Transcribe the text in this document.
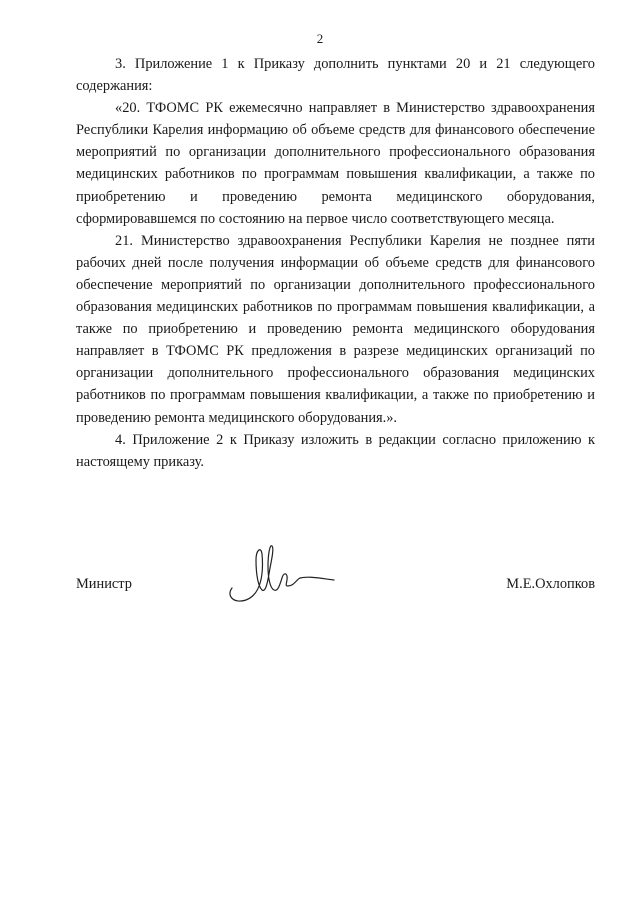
2

3. Приложение 1 к Приказу дополнить пунктами 20 и 21 следующего содержания:

«20. ТФОМС РК ежемесячно направляет в Министерство здравоохранения Республики Карелия информацию об объеме средств для финансового обеспечение мероприятий по организации дополнительного профессионального образования медицинских работников по программам повышения квалификации, а также по приобретению и проведению ремонта медицинского оборудования, сформировавшемся по состоянию на первое число соответствующего месяца.

21. Министерство здравоохранения Республики Карелия не позднее пяти рабочих дней после получения информации об объеме средств для финансового обеспечение мероприятий по организации дополнительного профессионального образования медицинских работников по программам повышения квалификации, а также по приобретению и проведению ремонта медицинского оборудования направляет в ТФОМС РК предложения в разрезе медицинских организаций по организации дополнительного профессионального образования медицинских работников по программам повышения квалификации, а также по приобретению и проведению ремонта медицинского оборудования.».

4. Приложение 2 к Приказу изложить в редакции согласно приложению к настоящему приказу.

Министр	М.Е.Охлопков
